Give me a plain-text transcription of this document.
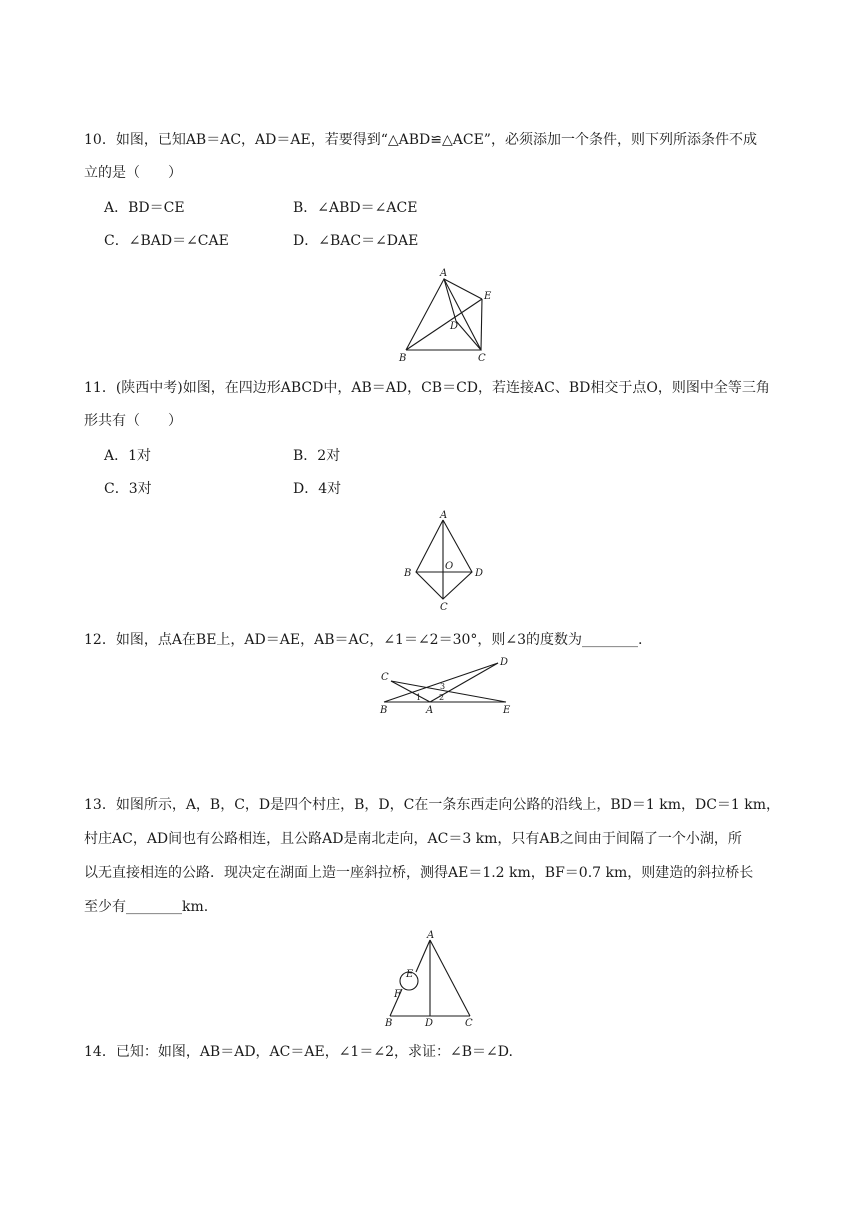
10．如图，已知AB＝AC，AD＝AE，若要得到“△ABD≌△ACE”，必须添加一个条件，则下列所添条件不成
立的是（　　）
A．BD＝CE	B．∠ABD＝∠ACE
C．∠BAD＝∠CAE	D．∠BAC＝∠DAE
A
E
D
B	C
11．(陕西中考)如图，在四边形ABCD中，AB＝AD，CB＝CD，若连接AC、BD相交于点O，则图中全等三角
形共有（　　）
A．1对	B．2对
C．3对	D．4对
A
B
O
D
C
12．如图，点A在BE上，AD＝AE，AB＝AC，∠1＝∠2＝30°，则∠3的度数为________.
C
D
3
1 2
B	A	E
13．如图所示，A，B，C，D是四个村庄，B，D，C在一条东西走向公路的沿线上，BD＝1 km，DC＝1 km，
村庄AC，AD间也有公路相连，且公路AD是南北走向，AC＝3 km，只有AB之间由于间隔了一个小湖，所
以无直接相连的公路．现决定在湖面上造一座斜拉桥，测得AE＝1.2 km，BF＝0.7 km，则建造的斜拉桥长
至少有________km.
A
E
F
B	D	C
14．已知：如图，AB＝AD，AC＝AE，∠1＝∠2，求证：∠B＝∠D.
